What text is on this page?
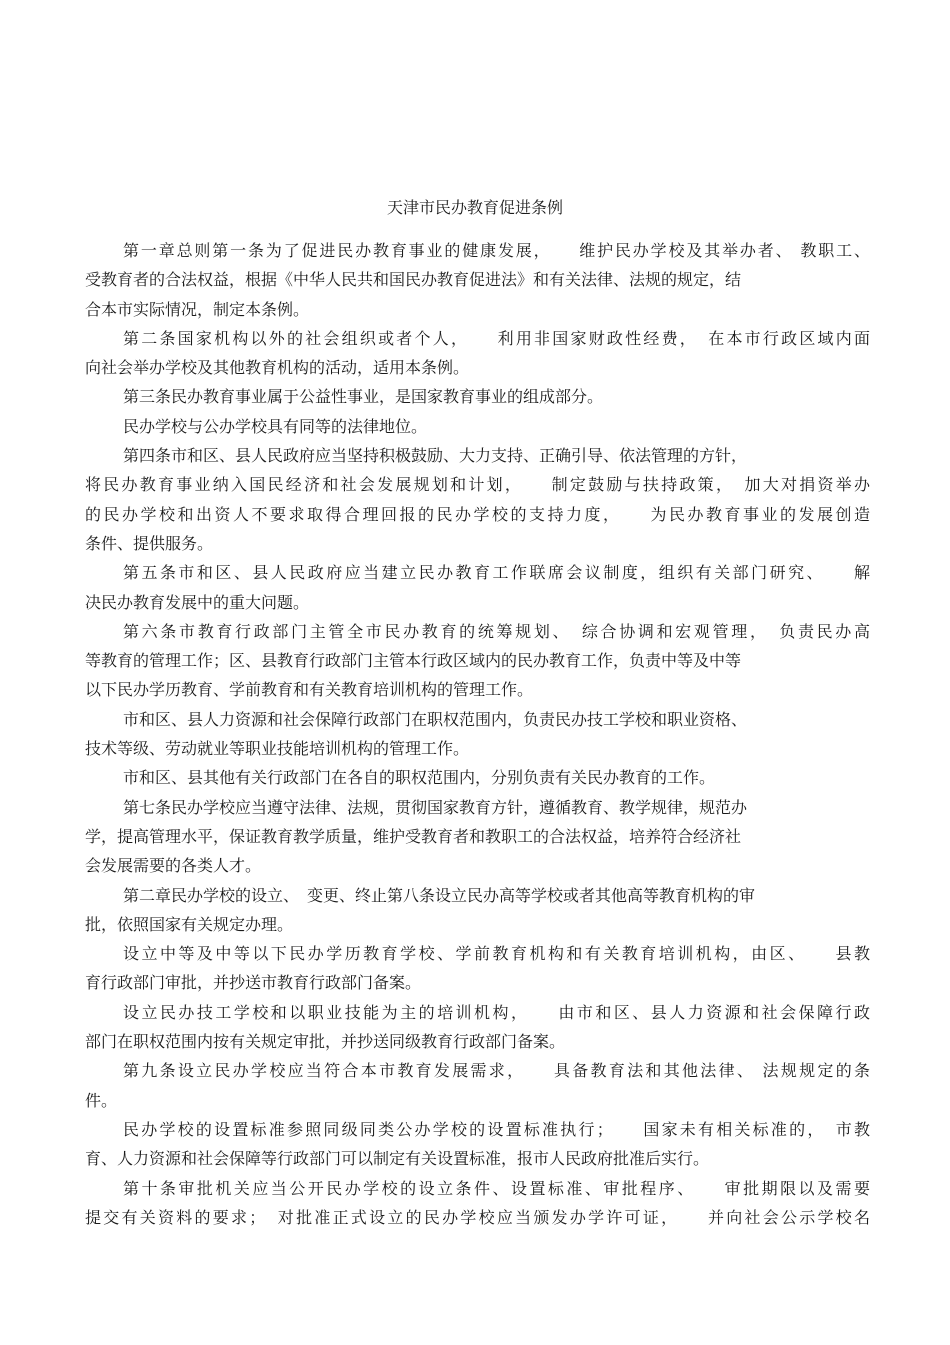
天津市民办教育促进条例
第一章总则第一条为了促进民办教育事业的健康发展，　　维护民办学校及其举办者、 教职工、
受教育者的合法权益，根据《中华人民共和国民办教育促进法》和有关法律、法规的规定，结
合本市实际情况，制定本条例。
第二条国家机构以外的社会组织或者个人，　　利用非国家财政性经费，　在本市行政区域内面
向社会举办学校及其他教育机构的活动，适用本条例。
第三条民办教育事业属于公益性事业，是国家教育事业的组成部分。
民办学校与公办学校具有同等的法律地位。
第四条市和区、县人民政府应当坚持积极鼓励、大力支持、正确引导、依法管理的方针，
将民办教育事业纳入国民经济和社会发展规划和计划，　　制定鼓励与扶持政策，　加大对捐资举办
的民办学校和出资人不要求取得合理回报的民办学校的支持力度，　　为民办教育事业的发展创造
条件、提供服务。
第五条市和区、县人民政府应当建立民办教育工作联席会议制度，组织有关部门研究、　　解
决民办教育发展中的重大问题。
第六条市教育行政部门主管全市民办教育的统筹规划、　综合协调和宏观管理，　负责民办高
等教育的管理工作；区、县教育行政部门主管本行政区域内的民办教育工作，负责中等及中等
以下民办学历教育、学前教育和有关教育培训机构的管理工作。
市和区、县人力资源和社会保障行政部门在职权范围内，负责民办技工学校和职业资格、
技术等级、劳动就业等职业技能培训机构的管理工作。
市和区、县其他有关行政部门在各自的职权范围内，分别负责有关民办教育的工作。
第七条民办学校应当遵守法律、法规，贯彻国家教育方针，遵循教育、教学规律，规范办
学，提高管理水平，保证教育教学质量，维护受教育者和教职工的合法权益，培养符合经济社
会发展需要的各类人才。
第二章民办学校的设立、　变更、终止第八条设立民办高等学校或者其他高等教育机构的审
批，依照国家有关规定办理。
设立中等及中等以下民办学历教育学校、学前教育机构和有关教育培训机构，由区、　　县教
育行政部门审批，并抄送市教育行政部门备案。
设立民办技工学校和以职业技能为主的培训机构，　　由市和区、县人力资源和社会保障行政
部门在职权范围内按有关规定审批，并抄送同级教育行政部门备案。
第九条设立民办学校应当符合本市教育发展需求，　　具备教育法和其他法律、 法规规定的条
件。
民办学校的设置标准参照同级同类公办学校的设置标准执行；　　国家未有相关标准的，　市教
育、人力资源和社会保障等行政部门可以制定有关设置标准，报市人民政府批准后实行。
第十条审批机关应当公开民办学校的设立条件、设置标准、审批程序、　　审批期限以及需要
提交有关资料的要求；　对批准正式设立的民办学校应当颁发办学许可证，　　并向社会公示学校名
